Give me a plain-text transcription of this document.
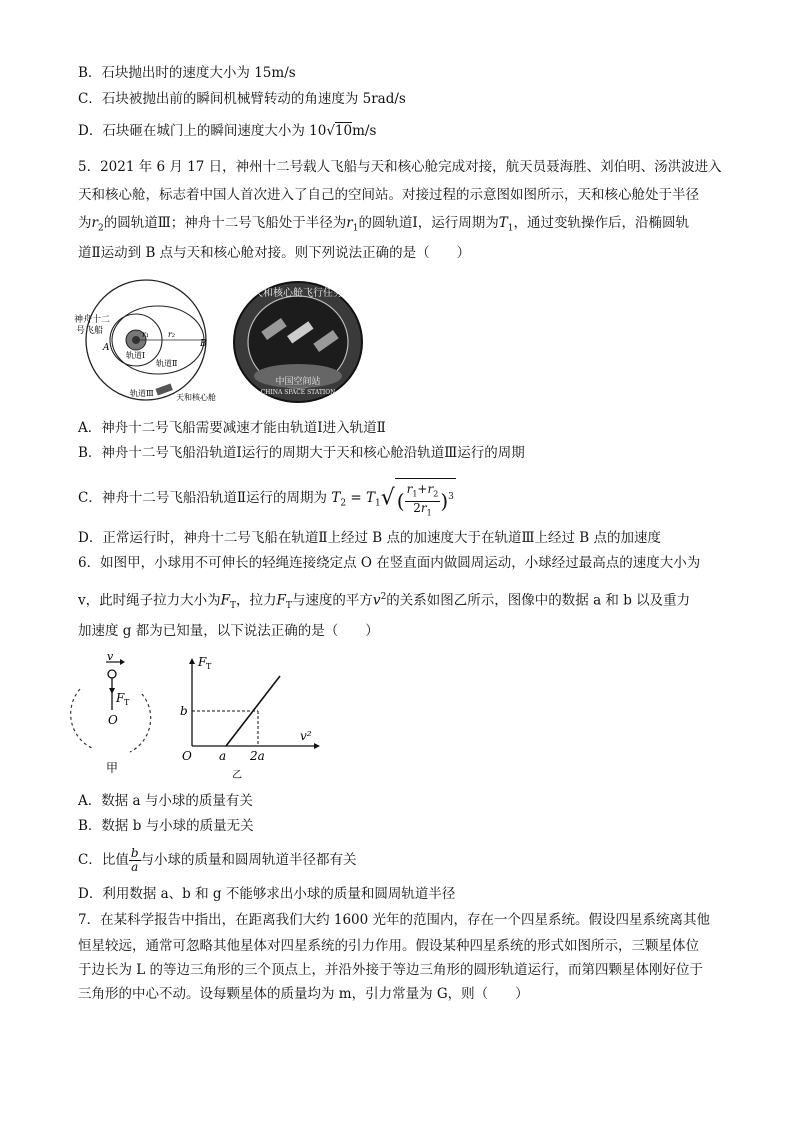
B．石块抛出时的速度大小为 15m/s
C．石块被抛出前的瞬间机械臂转动的角速度为 5rad/s
D．石块砸在城门上的瞬间速度大小为 10√10m/s
5．2021 年 6 月 17 日，神州十二号载人飞船与天和核心舱完成对接，航天员聂海胜、刘伯明、汤洪波进入
天和核心舱，标志着中国人首次进入了自己的空间站。对接过程的示意图如图所示，天和核心舱处于半径
为$r_2$的圆轨道Ⅲ；神舟十二号飞船处于半径为$r_1$的圆轨道Ⅰ，运行周期为$T_1$，通过变轨操作后，沿椭圆轨
道Ⅱ运动到 B 点与天和核心舱对接。则下列说法正确的是（　　）
神舟十二
号飞船
A	B
轨道Ⅰ
轨道Ⅱ
轨道Ⅲ	天和核心舱
r₂
r₁
天和核心舱飞行任务
中国空间站
CHINA SPACE STATION
A．神舟十二号飞船需要减速才能由轨道Ⅰ进入轨道Ⅱ
B．神舟十二号飞船沿轨道Ⅰ运行的周期大于天和核心舱沿轨道Ⅲ运行的周期
C．神舟十二号飞船沿轨道Ⅱ运行的周期为 $T_2 = T_1√$ ( $\frac{r_1+r_2}{2r_1} )^3$
D．正常运行时，神舟十二号飞船在轨道Ⅱ上经过 B 点的加速度大于在轨道Ⅲ上经过 B 点的加速度
6．如图甲，小球用不可伸长的轻绳连接绕定点 O 在竖直面内做圆周运动，小球经过最高点的速度大小为
v，此时绳子拉力大小为$F_T$，拉力$F_T$与速度的平方$v^2$的关系如图乙所示，图像中的数据 a 和 b 以及重力
加速度 g 都为已知量，以下说法正确的是（　　）
v
F T
O
甲
F T
b
O a 2a
v²
乙
A．数据 a 与小球的质量有关
B．数据 b 与小球的质量无关
C．比值 $\frac{b}{a}$ 与小球的质量和圆周轨道半径都有关
D．利用数据 a、b 和 g 不能够求出小球的质量和圆周轨道半径
7．在某科学报告中指出，在距离我们大约 1600 光年的范围内，存在一个四星系统。假设四星系统离其他
恒星较远，通常可忽略其他星体对四星系统的引力作用。假设某种四星系统的形式如图所示，三颗星体位
于边长为 L 的等边三角形的三个顶点上，并沿外接于等边三角形的圆形轨道运行，而第四颗星体刚好位于
三角形的中心不动。设每颗星体的质量均为 m，引力常量为 G，则（　　）
